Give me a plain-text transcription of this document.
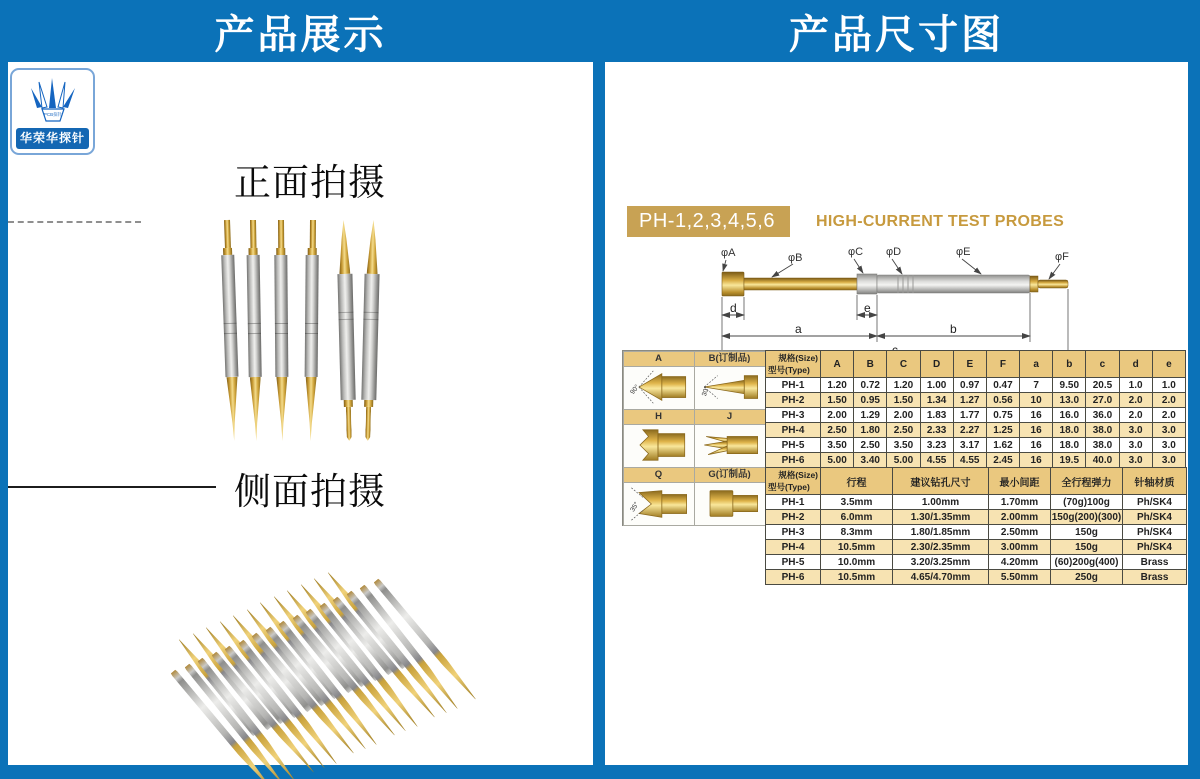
产品展示	产品尺寸图
PCB探针
华荣华探针
正面拍摄
侧面拍摄
PH-1,2,3,4,5,6	HIGH-CURRENT TEST PROBES
φA	φB	φC φD	φE	φF
d	e
a	b
A
90°
B(订制品)
30°
H	J
Q
35°
G(订制品)
规格(Size)
型号(Type)	A	B	C	D	E	F	a	b	c	d	e
PH-1	1.20	0.72	1.20	1.00	0.97	0.47	7	9.50	20.5	1.0	1.0
PH-2	1.50	0.95	1.50	1.34	1.27	0.56	10	13.0	27.0	2.0	2.0
PH-3	2.00	1.29	2.00	1.83	1.77	0.75	16	16.0	36.0	2.0	2.0
PH-4	2.50	1.80	2.50	2.33	2.27	1.25	16	18.0	38.0	3.0	3.0
PH-5	3.50	2.50	3.50	3.23	3.17	1.62	16	18.0	38.0	3.0	3.0
PH-6	5.00	3.40	5.00	4.55	4.55	2.45	16	19.5	40.0	3.0	3.0
规格(Size)
型号(Type)	行程	建议钻孔尺寸	最小间距	全行程弹力	针轴材质
PH-1	3.5mm	1.00mm	1.70mm	(70g)100g	Ph/SK4
PH-2	6.0mm	1.30/1.35mm	2.00mm	150g(200)(300)	Ph/SK4
PH-3	8.3mm	1.80/1.85mm	2.50mm	150g	Ph/SK4
PH-4	10.5mm	2.30/2.35mm	3.00mm	150g	Ph/SK4
PH-5	10.0mm	3.20/3.25mm	4.20mm	(60)200g(400)	Brass
PH-6	10.5mm	4.65/4.70mm	5.50mm	250g	Brass
